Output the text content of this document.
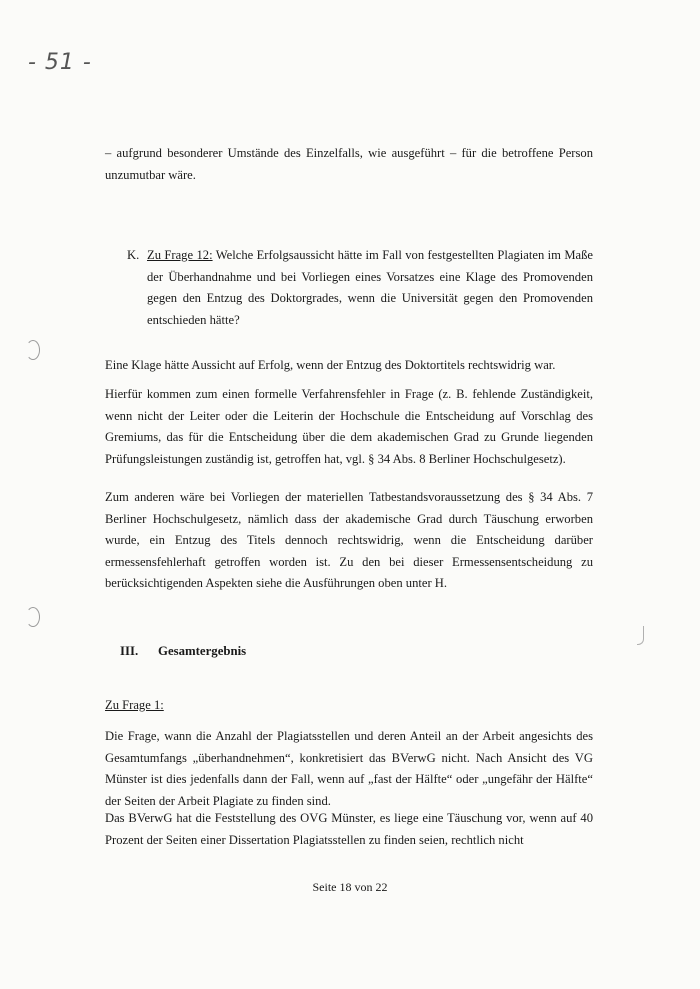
- 51 -

– aufgrund besonderer Umstände des Einzelfalls, wie ausgeführt – für die betroffene Person unzumutbar wäre.

K. Zu Frage 12: Welche Erfolgsaussicht hätte im Fall von festgestellten Plagiaten im Maße der Überhandnahme und bei Vorliegen eines Vorsatzes eine Klage des Promovenden gegen den Entzug des Doktorgrades, wenn die Universität gegen den Promovenden entschieden hätte?

Eine Klage hätte Aussicht auf Erfolg, wenn der Entzug des Doktortitels rechtswidrig war.

Hierfür kommen zum einen formelle Verfahrensfehler in Frage (z. B. fehlende Zuständigkeit, wenn nicht der Leiter oder die Leiterin der Hochschule die Entscheidung auf Vorschlag des Gremiums, das für die Entscheidung über die dem akademischen Grad zu Grunde liegenden Prüfungsleistungen zuständig ist, getroffen hat, vgl. § 34 Abs. 8 Berliner Hochschulgesetz).

Zum anderen wäre bei Vorliegen der materiellen Tatbestandsvoraussetzung des § 34 Abs. 7 Berliner Hochschulgesetz, nämlich dass der akademische Grad durch Täuschung erworben wurde, ein Entzug des Titels dennoch rechtswidrig, wenn die Entscheidung darüber ermessensfehlerhaft getroffen worden ist. Zu den bei dieser Ermessensentscheidung zu berücksichtigenden Aspekten siehe die Ausführungen oben unter H.

III. Gesamtergebnis
Zu Frage 1:

Die Frage, wann die Anzahl der Plagiatsstellen und deren Anteil an der Arbeit angesichts des Gesamtumfangs „überhandnehmen“, konkretisiert das BVerwG nicht. Nach Ansicht des VG Münster ist dies jedenfalls dann der Fall, wenn auf „fast der Hälfte“ oder „ungefähr der Hälfte“ der Seiten der Arbeit Plagiate zu finden sind.

Das BVerwG hat die Feststellung des OVG Münster, es liege eine Täuschung vor, wenn auf 40 Prozent der Seiten einer Dissertation Plagiatsstellen zu finden seien, rechtlich nicht

Seite 18 von 22
